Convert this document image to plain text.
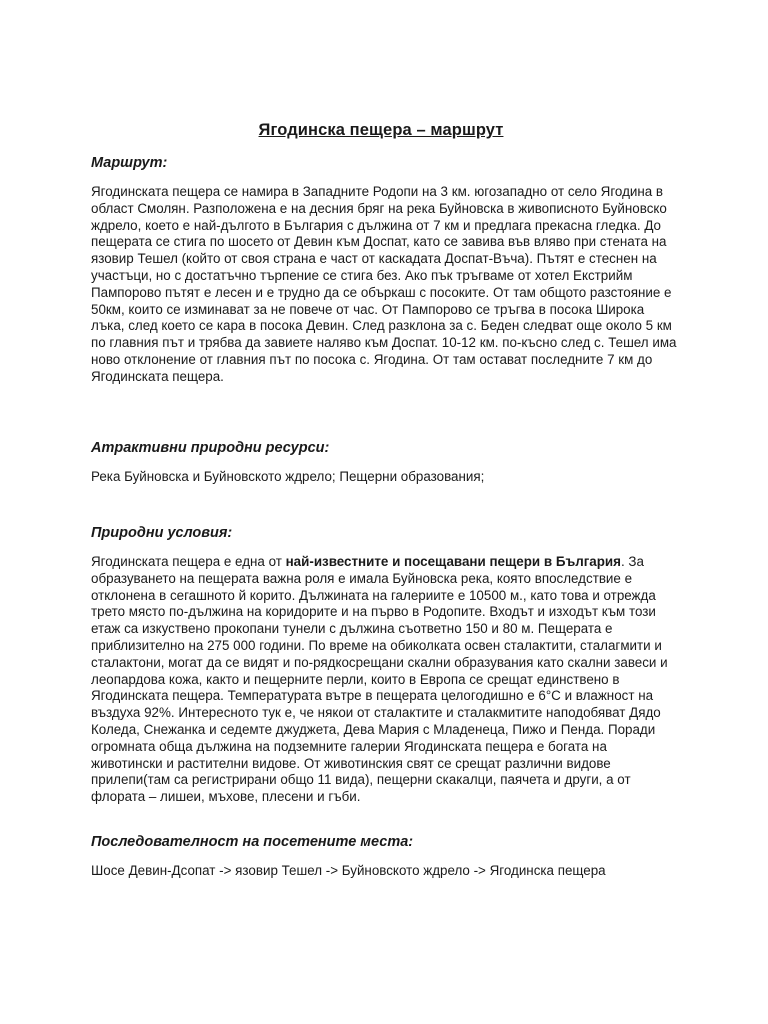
Ягодинска пещера – маршрут
Маршрут:

Ягодинската пещера се намира в Западните Родопи на 3 км. югозападно от село Ягодина в област Смолян. Разположена е на десния бряг на река Буйновска в живописното Буйновско ждрело, което е най-дългото в България с дължина от 7 км и предлага прекасна гледка. До пещерата се стига по шосето от Девин към Доспат, като се завива във вляво при стената на язовир Тешел (който от своя страна е част от каскадата Доспат-Въча). Пътят е стеснен на участъци, но с достатъчно търпение се стига без. Ако пък тръгваме от хотел Екстрийм Пампорово пътят е лесен и е трудно да се объркаш с посоките. От там общото разстояние е 50км, които се изминават за не повече от час. От Пампорово се тръгва в посока Широка лъка, след което се кара в посока Девин. След разклона за с. Беден следват още около 5 км по главния път и трябва да завиете наляво към Доспат. 10-12 км. по-късно след с. Тешел има ново отклонение от главния път по посока с. Ягодина. От там остават последните 7 км до Ягодинската пещера.

Атрактивни природни ресурси:

Река Буйновска и Буйновското ждрело; Пещерни образования;

Природни условия:

Ягодинската пещера е една от най-известните и посещавани пещери в България. За образуването на пещерата важна роля е имала Буйновска река, която впоследствие е отклонена в сегашното й корито. Дължината на галериите е 10500 м., като това и отрежда трето място по-дължина на коридорите и на първо в Родопите. Входът и изходът към този етаж са изкуствено прокопани тунели с дължина съответно 150 и 80 м. Пещерата е приблизително на 275 000 години. По време на обиколката освен сталактити, сталагмити и сталактони, могат да се видят и по-рядкосрещани скални образувания като скални завеси и леопардова кожа, както и пещерните перли, които в Европа се срещат единствено в Ягодинската пещера. Температурата вътре в пещерата целогодишно е 6°С и влажност на въздуха 92%. Интересното тук е, че някои от сталактите и сталакмитите наподобяват Дядо Коледа, Снежанка и седемте джуджета, Дева Мария с Младенеца, Пижо и Пенда. Поради огромната обща дължина на подземните галерии Ягодинската пещера е богата на животински и растителни видове. От животинския свят се срещат различни видове прилепи(там са регистрирани общо 11 вида), пещерни скакалци, паячета и други, а от флората – лишеи, мъхове, плесени и гъби.

Последователност на посетените места:

Шосе Девин-Дсопат -> язовир Тешел -> Буйновското ждрело -> Ягодинска пещера
